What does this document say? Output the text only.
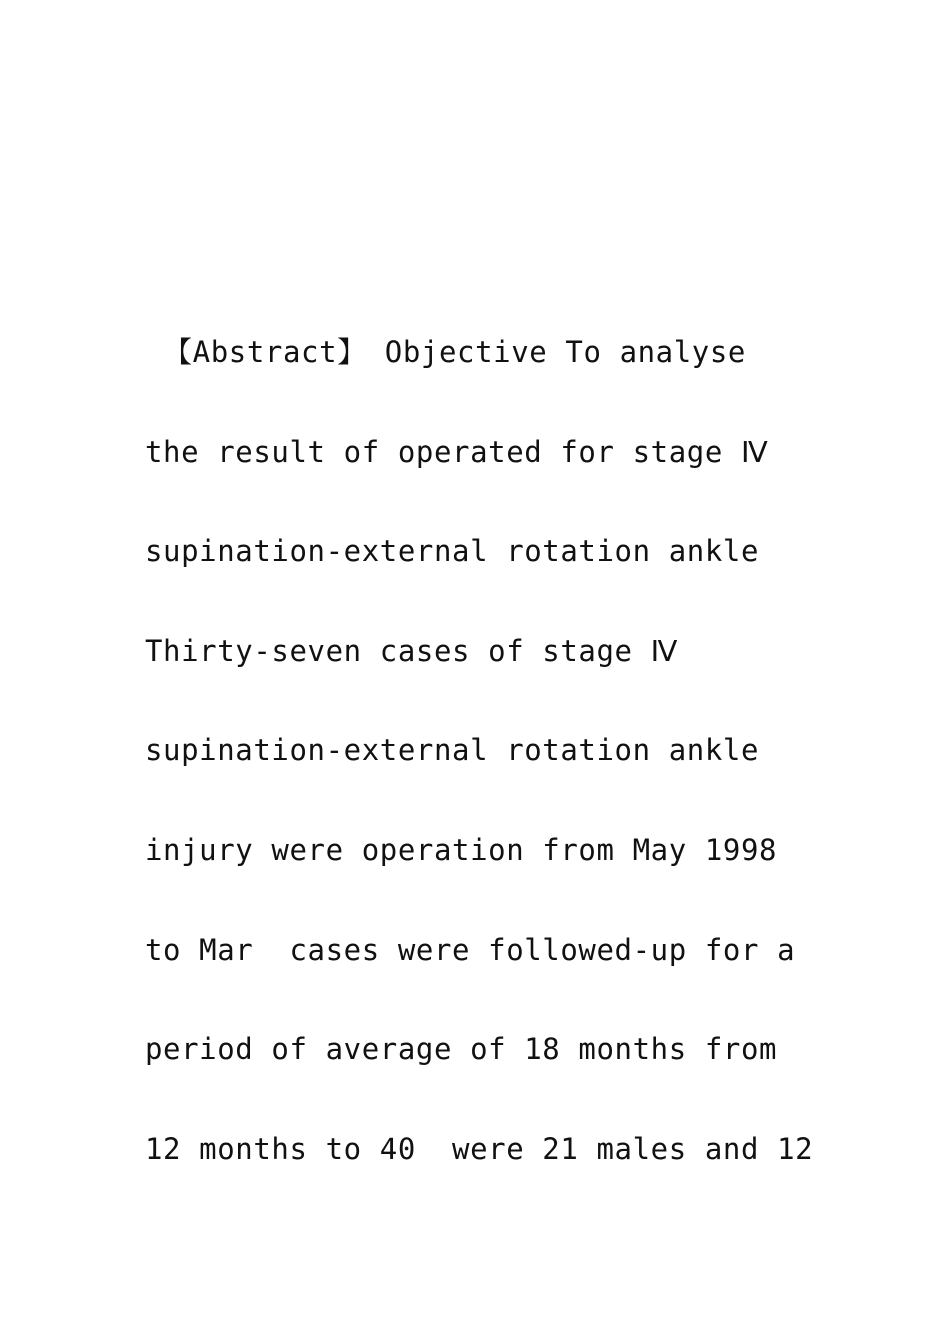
【Abstract】 Objective To analyse
the result of operated for stage Ⅳ
supination-external rotation ankle
Thirty-seven cases of stage Ⅳ
supination-external rotation ankle
injury were operation from May 1998
to Mar  cases were followed-up for a
period of average of 18 months from
12 months to 40  were 21 males and 12
